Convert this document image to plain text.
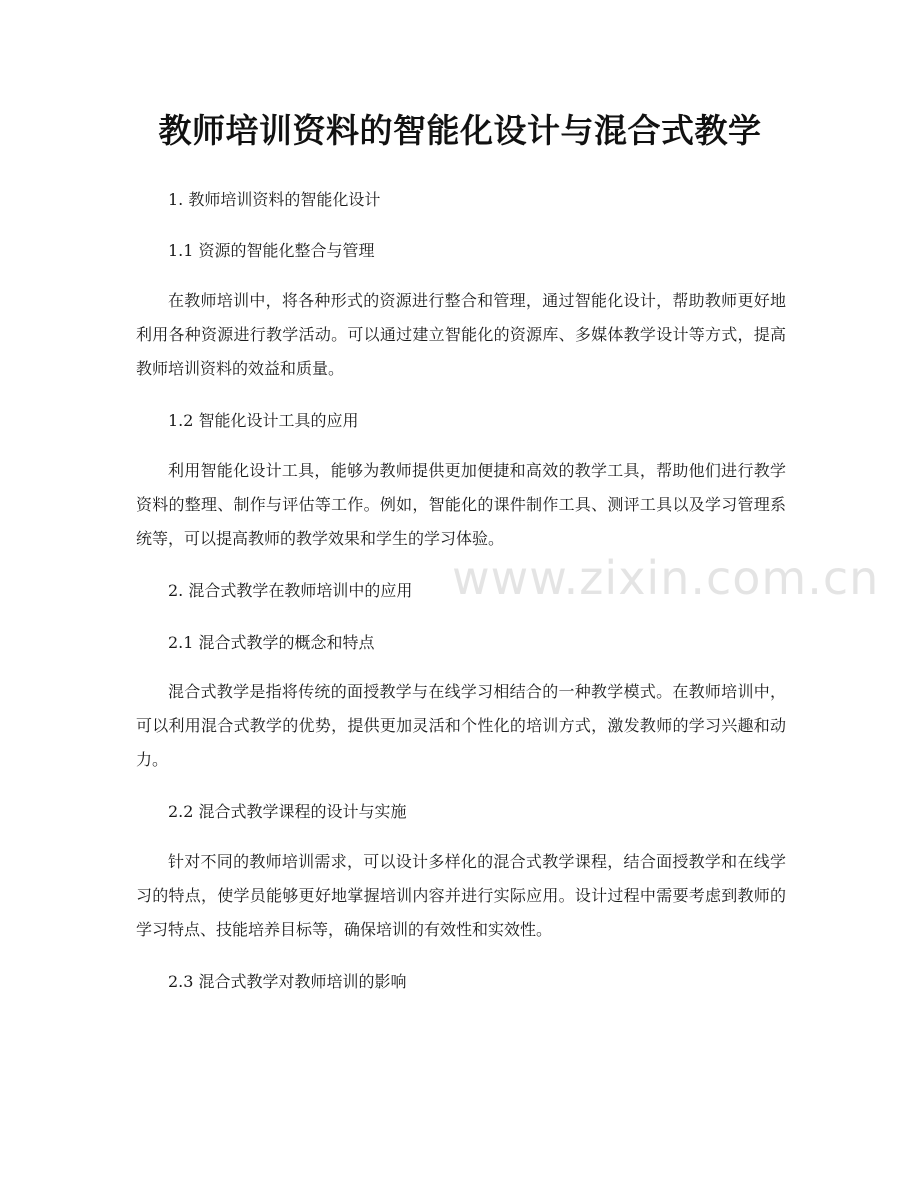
教师培训资料的智能化设计与混合式教学
1. 教师培训资料的智能化设计
1.1 资源的智能化整合与管理
在教师培训中，将各种形式的资源进行整合和管理，通过智能化设计，帮助教师更好地利用各种资源进行教学活动。可以通过建立智能化的资源库、多媒体教学设计等方式，提高教师培训资料的效益和质量。
1.2 智能化设计工具的应用
利用智能化设计工具，能够为教师提供更加便捷和高效的教学工具，帮助他们进行教学资料的整理、制作与评估等工作。例如，智能化的课件制作工具、测评工具以及学习管理系统等，可以提高教师的教学效果和学生的学习体验。
2. 混合式教学在教师培训中的应用
2.1 混合式教学的概念和特点
混合式教学是指将传统的面授教学与在线学习相结合的一种教学模式。在教师培训中，可以利用混合式教学的优势，提供更加灵活和个性化的培训方式，激发教师的学习兴趣和动力。
2.2 混合式教学课程的设计与实施
针对不同的教师培训需求，可以设计多样化的混合式教学课程，结合面授教学和在线学习的特点，使学员能够更好地掌握培训内容并进行实际应用。设计过程中需要考虑到教师的学习特点、技能培养目标等，确保培训的有效性和实效性。
2.3 混合式教学对教师培训的影响
www.zixin.com.cn
